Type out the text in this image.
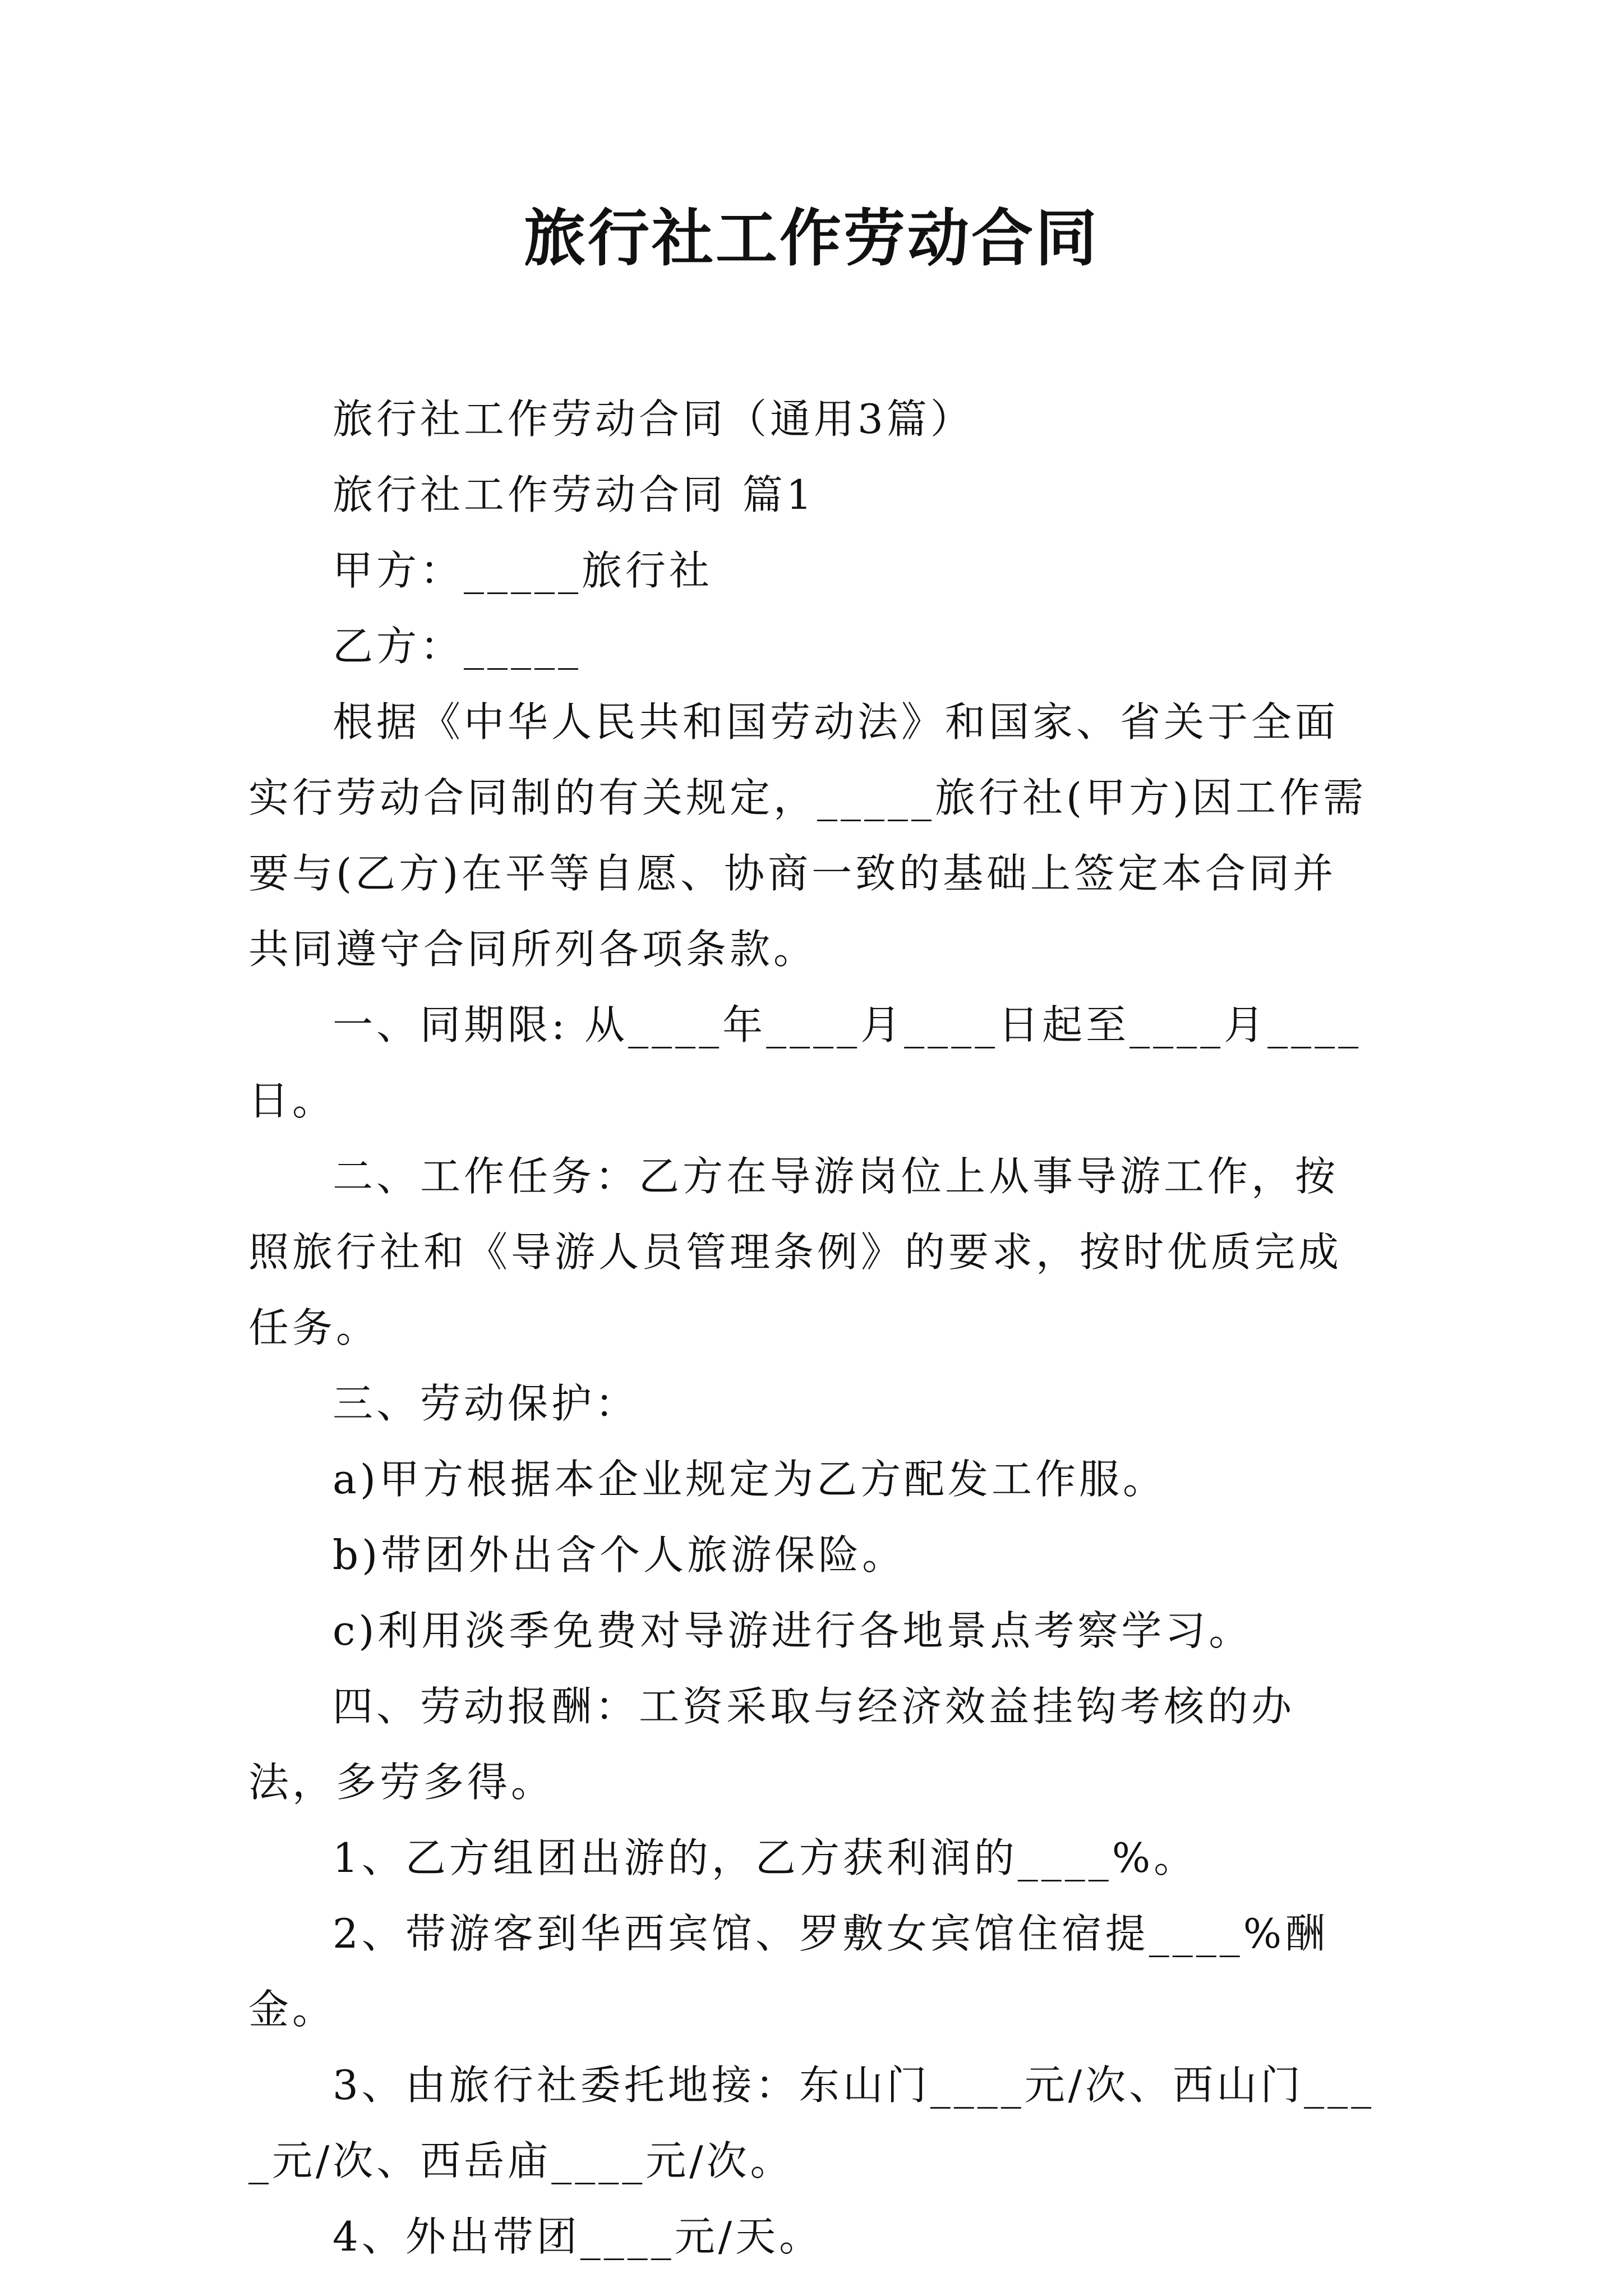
旅行社工作劳动合同

旅行社工作劳动合同（通用3篇）

旅行社工作劳动合同 篇1

甲方：_____旅行社

乙方：_____

根据《中华人民共和国劳动法》和国家、省关于全面实行劳动合同制的有关规定，_____旅行社(甲方)因工作需要与(乙方)在平等自愿、协商一致的基础上签定本合同并共同遵守合同所列各项条款。

一、同期限: 从____年____月____日起至____月____日。

二、工作任务：乙方在导游岗位上从事导游工作，按照旅行社和《导游人员管理条例》的要求，按时优质完成任务。

三、劳动保护：

a)甲方根据本企业规定为乙方配发工作服。

b)带团外出含个人旅游保险。

c)利用淡季免费对导游进行各地景点考察学习。

四、劳动报酬：工资采取与经济效益挂钩考核的办法，多劳多得。

1、乙方组团出游的，乙方获利润的____%。

2、带游客到华西宾馆、罗敷女宾馆住宿提____%酬金。

3、由旅行社委托地接：东山门____元/次、西山门____元/次、西岳庙____元/次。

4、外出带团____元/天。
